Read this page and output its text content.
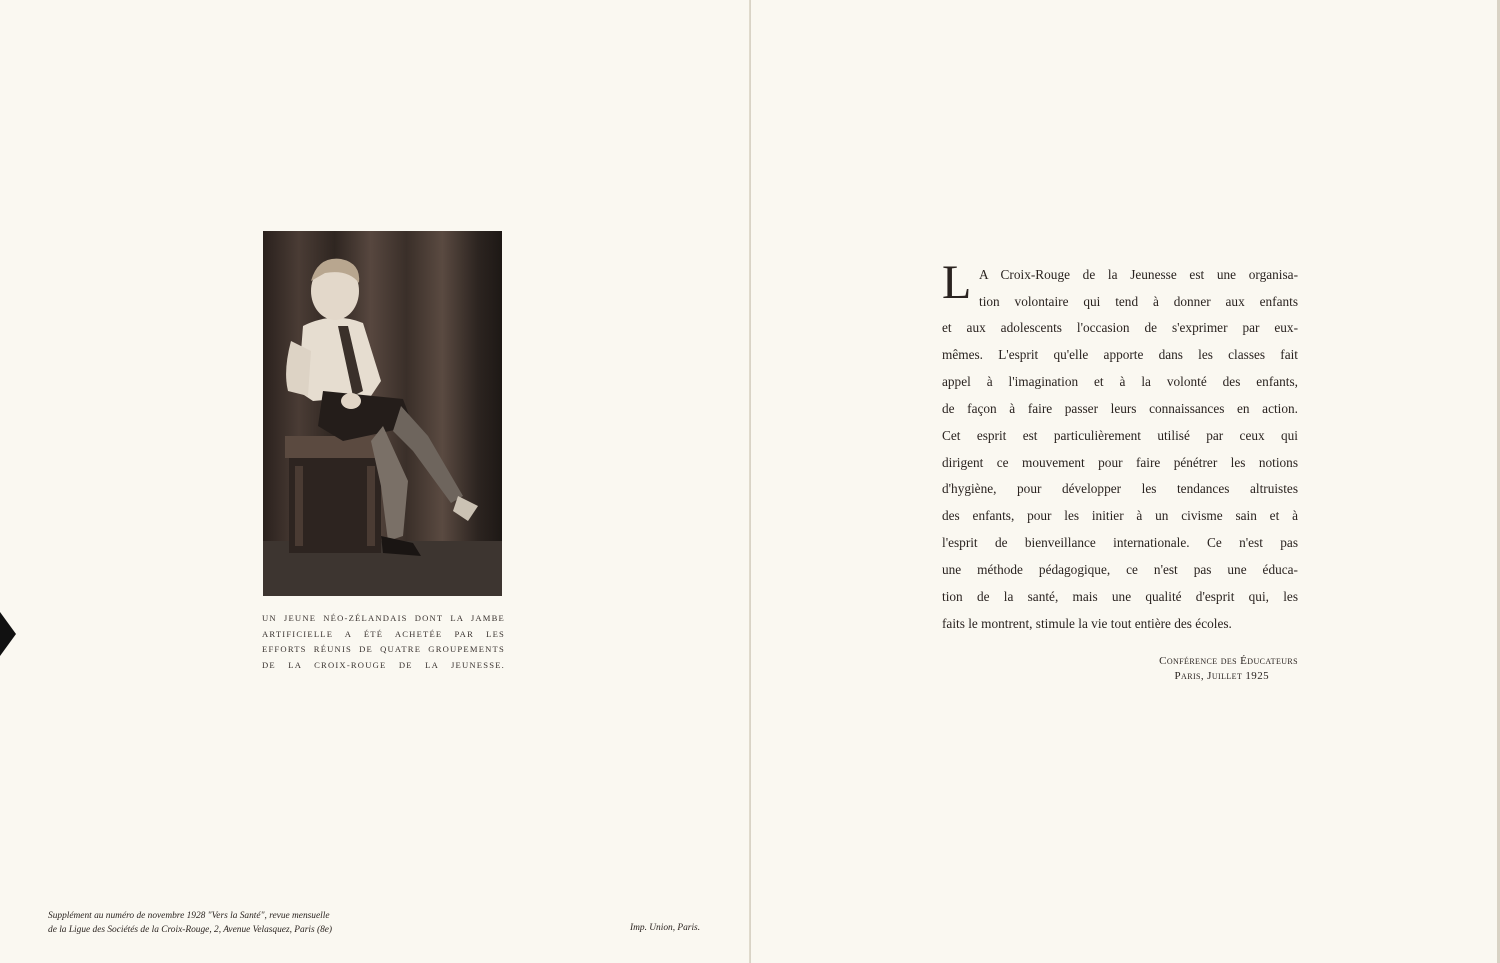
UN JEUNE NÉO-ZÉLANDAIS DONT LA JAMBE
ARTIFICIELLE A ÉTÉ ACHETÉE PAR LES
EFFORTS RÉUNIS DE QUATRE GROUPEMENTS
DE LA CROIX-ROUGE DE LA JEUNESSE.
Supplément au numéro de novembre 1928 "Vers la Santé", revue mensuelle
de la Ligue des Sociétés de la Croix-Rouge, 2, Avenue Velasquez, Paris (8e)	Imp. Union, Paris.
L A Croix-Rouge de la Jeunesse est une organisa-
tion volontaire qui tend à donner aux enfants
et aux adolescents l'occasion de s'exprimer par eux-
mêmes. L'esprit qu'elle apporte dans les classes fait
appel à l'imagination et à la volonté des enfants,
de façon à faire passer leurs connaissances en action.
Cet esprit est particulièrement utilisé par ceux qui
dirigent ce mouvement pour faire pénétrer les notions
d'hygiène, pour développer les tendances altruistes
des enfants, pour les initier à un civisme sain et à
l'esprit de bienveillance internationale. Ce n'est pas
une méthode pédagogique, ce n'est pas une éduca-
tion de la santé, mais une qualité d'esprit qui, les
faits le montrent, stimule la vie tout entière des écoles.
Conférence des Éducateurs
Paris, Juillet 1925
